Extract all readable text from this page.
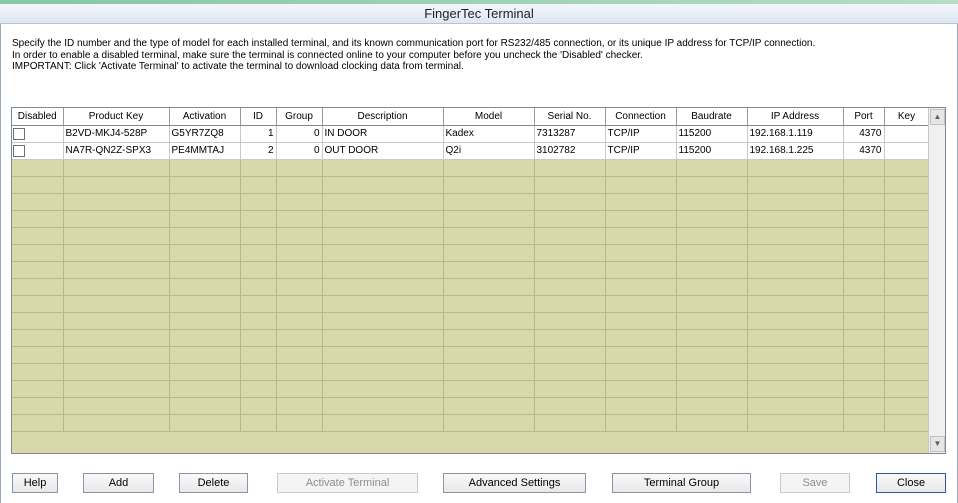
FingerTec Terminal

Specify the ID number and the type of model for each installed terminal, and its known communication port for RS232/485 connection, or its unique IP address for TCP/IP connection.

In order to enable a disabled terminal, make sure the terminal is connected online to your computer before you uncheck the 'Disabled' checker.

IMPORTANT: Click 'Activate Terminal' to activate the terminal to download clocking data from terminal.

Disabled	Product Key	Activation	ID	Group	Description	Model	Serial No.	Connection	Baudrate	IP Address	Port	Key
	B2VD-MKJ4-528P	G5YR7ZQ8	1	0	IN DOOR	Kadex	7313287	TCP/IP	115200	192.168.1.119	4370	
	NA7R-QN2Z-SPX3	PE4MMTAJ	2	0	OUT DOOR	Q2i	3102782	TCP/IP	115200	192.168.1.225	4370	

▲
▼
Help	Add	Delete	Activate Terminal	Advanced Settings	Terminal Group	Save	Close
